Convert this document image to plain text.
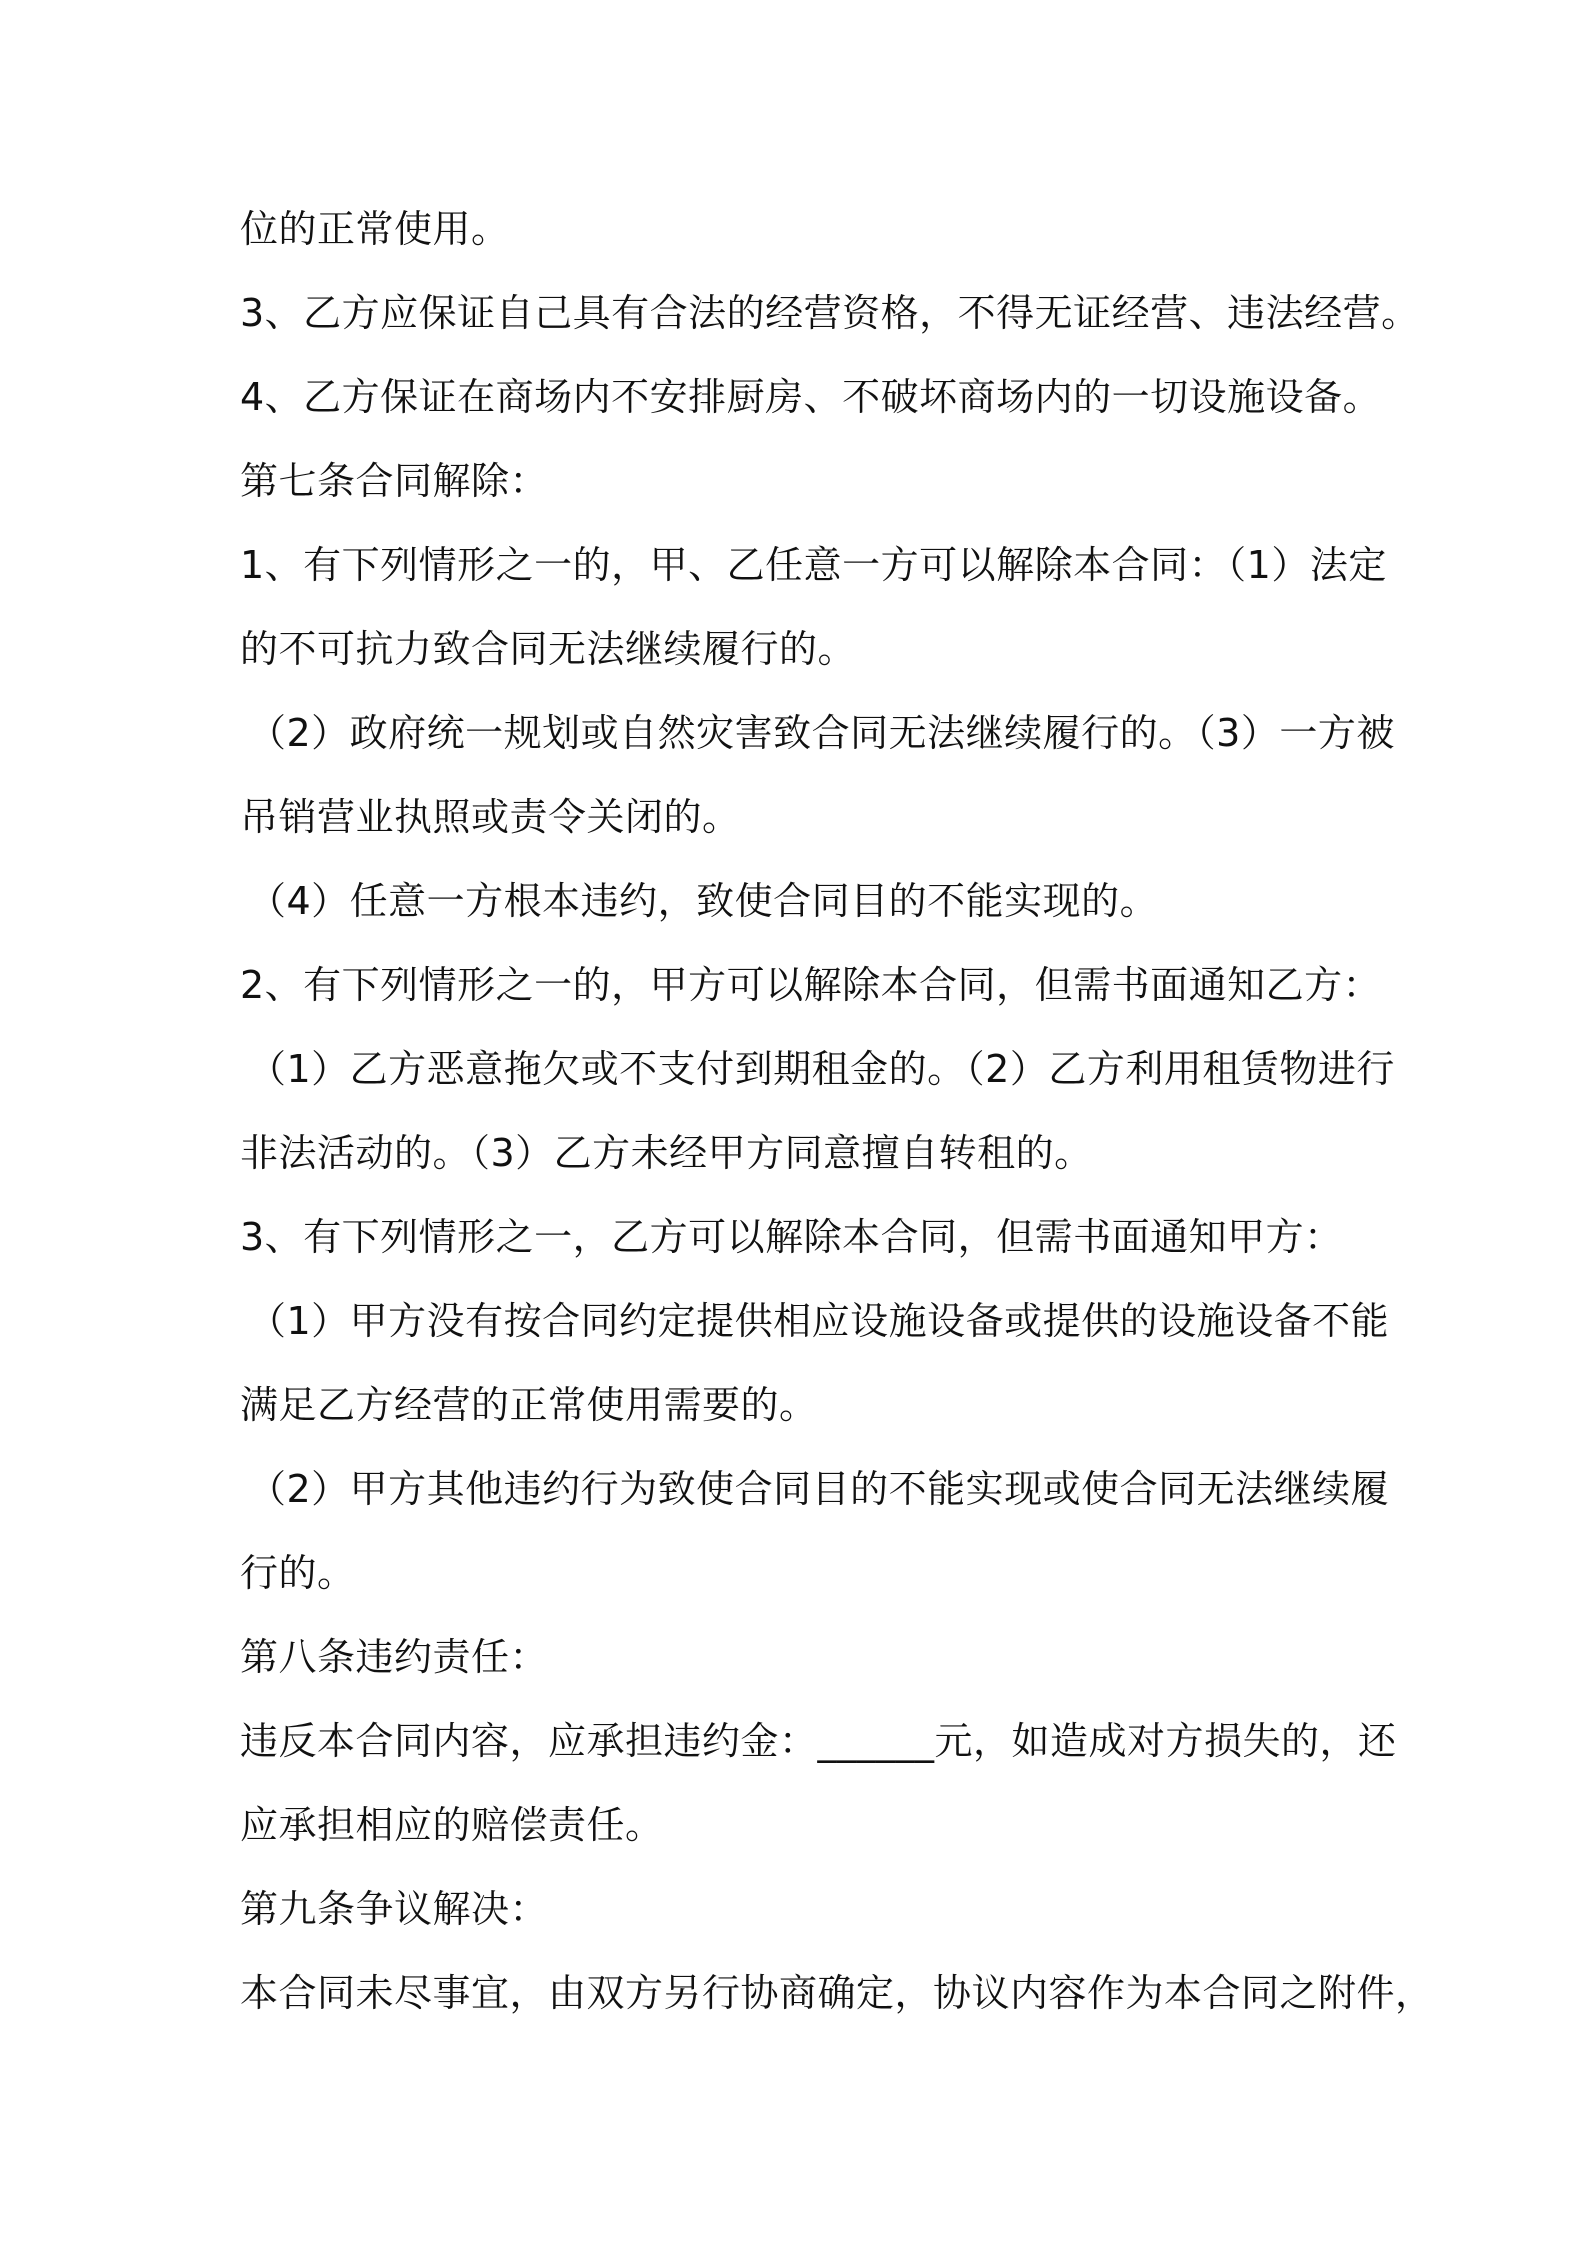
位的正常使用。
3、乙方应保证自己具有合法的经营资格，不得无证经营、违法经营。
4、乙方保证在商场内不安排厨房、不破坏商场内的一切设施设备。
第七条合同解除：
1、有下列情形之一的，甲、乙任意一方可以解除本合同：（1）法定
的不可抗力致合同无法继续履行的。
（2）政府统一规划或自然灾害致合同无法继续履行的。（3）一方被
吊销营业执照或责令关闭的。
（4）任意一方根本违约，致使合同目的不能实现的。
2、有下列情形之一的，甲方可以解除本合同，但需书面通知乙方：
（1）乙方恶意拖欠或不支付到期租金的。（2）乙方利用租赁物进行
非法活动的。（3）乙方未经甲方同意擅自转租的。
3、有下列情形之一，乙方可以解除本合同，但需书面通知甲方：
（1）甲方没有按合同约定提供相应设施设备或提供的设施设备不能
满足乙方经营的正常使用需要的。
（2）甲方其他违约行为致使合同目的不能实现或使合同无法继续履
行的。
第八条违约责任：
违反本合同内容，应承担违约金：______元，如造成对方损失的，还
应承担相应的赔偿责任。
第九条争议解决：
本合同未尽事宜，由双方另行协商确定，协议内容作为本合同之附件，
